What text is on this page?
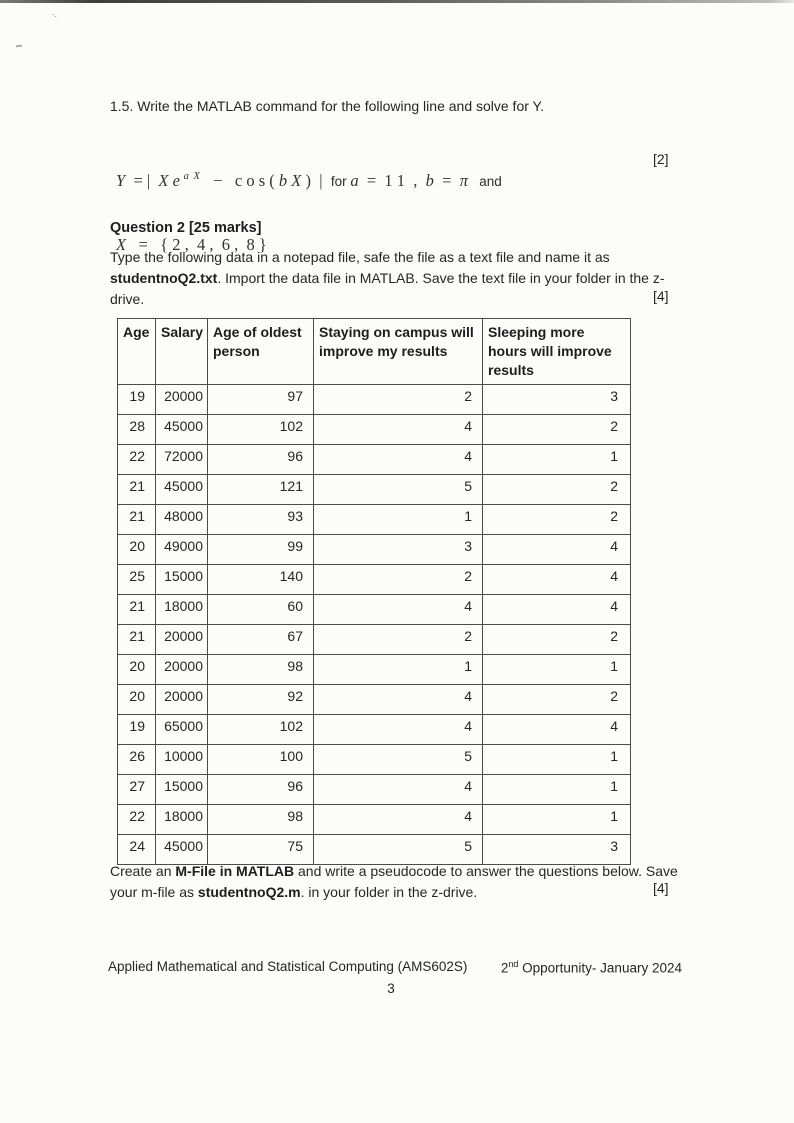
·.
1.5. Write the MATLAB command for the following line and solve for Y.

Y  = |  X e $^{a X}$   −   c o s ( b X )  |  for a  =  1 1  ,  b  =  π   and

X   =   { 2 ,  4 ,  6 ,  8 }

[2]
Question 2 [25 marks]
Type the following data in a notepad file, safe the file as a text file and name it as
studentnoQ2.txt. Import the data file in MATLAB. Save the text file in your folder in the z-
drive.	[4]
Age	Salary	Age of oldest person	Staying on campus will improve my results	Sleeping more hours will improve results
19	20000	97	2	3
28	45000	102	4	2
22	72000	96	4	1
21	45000	121	5	2
21	48000	93	1	2
20	49000	99	3	4
25	15000	140	2	4
21	18000	60	4	4
21	20000	67	2	2
20	20000	98	1	1
20	20000	92	4	2
19	65000	102	4	4
26	10000	100	5	1
27	15000	96	4	1
22	18000	98	4	1
24	45000	75	5	3
Create an M-File in MATLAB and write a pseudocode to answer the questions below. Save
your m-file as studentnoQ2.m. in your folder in the z-drive.	[4]
Applied Mathematical and Statistical Computing (AMS602S) 2nd Opportunity- January 2024
3
